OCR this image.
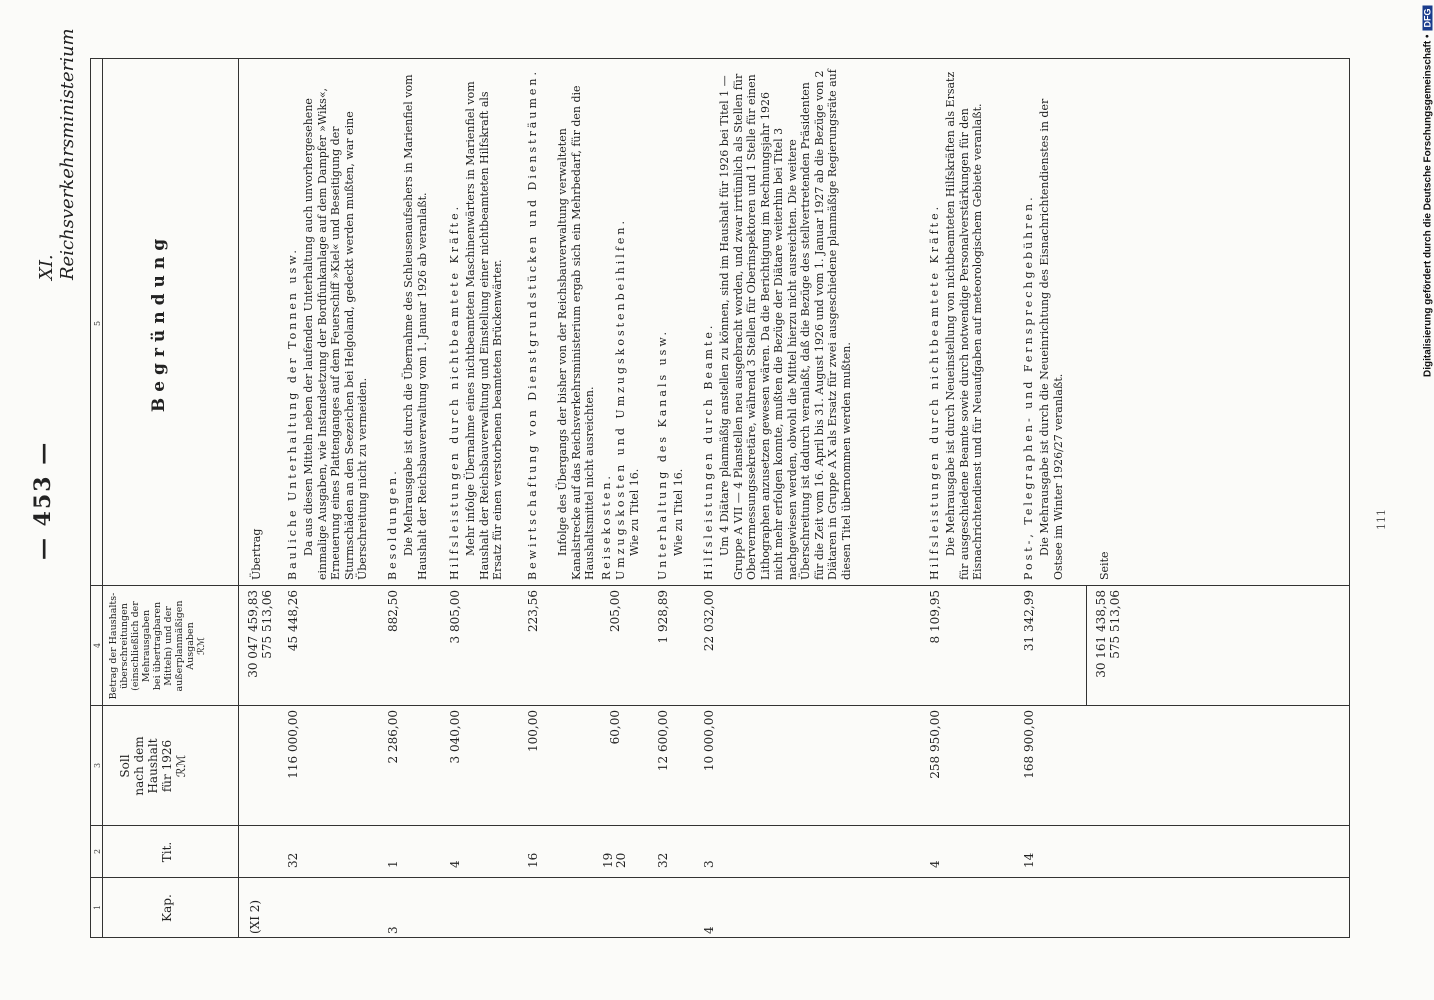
— 453 —
XI. Reichsverkehrsministerium
1
2
3
4
5
Kap.
Tit.
Soll
nach dem
Haushalt
für 1926
ℛℳ
Betrag der Haushalts-
überschreitungen
(einschließlich der
Mehrausgaben
bei übertragbaren
Mitteln) und der
außerplanmäßigen
Ausgaben
ℛℳ
Begründung
(XI 2)
30 047 459,83
575 513,06
Übertrag
32
116 000,00
45 448,26
Bauliche Unterhaltung der Tonnen usw. Da aus diesen Mitteln neben der laufenden Unterhaltung auch unvorhergesehene einmalige Ausgaben, wie Instandsetzung der Bordfunkanlage auf dem Dampfer »Wiks«, Erneuerung eines Plattenganges auf dem Feuerschiff »Kiel« und Beseitigung der Sturmschäden an den Seezeichen bei Helgoland, gedeckt werden mußten, war eine Überschreitung nicht zu vermeiden.
3
1
2 286,00
882,50
Besoldungen. Die Mehrausgabe ist durch die Übernahme des Schleusenaufsehers in Marienfiel vom Haushalt der Reichsbauverwaltung vom 1. Januar 1926 ab veranlaßt.
4
3 040,00
3 805,00
Hilfsleistungen durch nichtbeamtete Kräfte. Mehr infolge Übernahme eines nichtbeamteten Maschinenwärters in Marienfiel vom Haushalt der Reichsbauverwaltung und Einstellung einer nichtbeamteten Hilfskraft als Ersatz für einen verstorbenen beamteten Brückenwärter.
16
100,00
223,56
Bewirtschaftung von Dienstgrundstücken und Diensträumen. Infolge des Übergangs der bisher von der Reichsbauverwaltung verwalteten Kanalstrecke auf das Reichsverkehrsministerium ergab sich ein Mehrbedarf, für den die Haushaltsmittel nicht ausreichten.
19
20
60,00
205,00
Reisekosten.
Umzugskosten und Umzugskostenbeihilfen.
Wie zu Titel 16.
32
12 600,00
1 928,89
Unterhaltung des Kanals usw. Wie zu Titel 16.
4
3
10 000,00
22 032,00
Hilfsleistungen durch Beamte. Um 4 Diätare planmäßig anstellen zu können, sind im Haushalt für 1926 bei Titel 1 — Gruppe A VII — 4 Planstellen neu ausgebracht worden, und zwar irrtümlich als Stellen für Obervermessungssekretäre, während 3 Stellen für Oberinspektoren und 1 Stelle für einen Lithographen anzusetzen gewesen wären. Da die Berichtigung im Rechnungsjahr 1926 nicht mehr erfolgen konnte, mußten die Bezüge der Diätare weiterhin bei Titel 3 nachgewiesen werden, obwohl die Mittel hierzu nicht ausreichten. Die weitere Überschreitung ist dadurch veranlaßt, daß die Bezüge des stellvertretenden Präsidenten für die Zeit vom 16. April bis 31. August 1926 und vom 1. Januar 1927 ab die Bezüge von 2 Diätaren in Gruppe A X als Ersatz für zwei ausgeschiedene planmäßige Regierungsräte auf diesen Titel übernommen werden mußten.
4
258 950,00
8 109,95
Hilfsleistungen durch nichtbeamtete Kräfte. Die Mehrausgabe ist durch Neueinstellung von nichtbeamteten Hilfskräften als Ersatz für ausgeschiedene Beamte sowie durch notwendige Personalverstärkungen für den Eisnachrichtendienst und für Neuaufgaben auf meteorologischem Gebiete veranlaßt.
14
168 900,00
31 342,99
Post-, Telegraphen- und Fernsprechgebühren. Die Mehrausgabe ist durch die Neueinrichtung des Eisnachrichtendienstes in der Ostsee im Winter 1926/27 veranlaßt.
30 161 438,58
575 513,06
Seite
111
Digitalisierung gefördert durch die Deutsche Forschungsgemeinschaft •DFG
